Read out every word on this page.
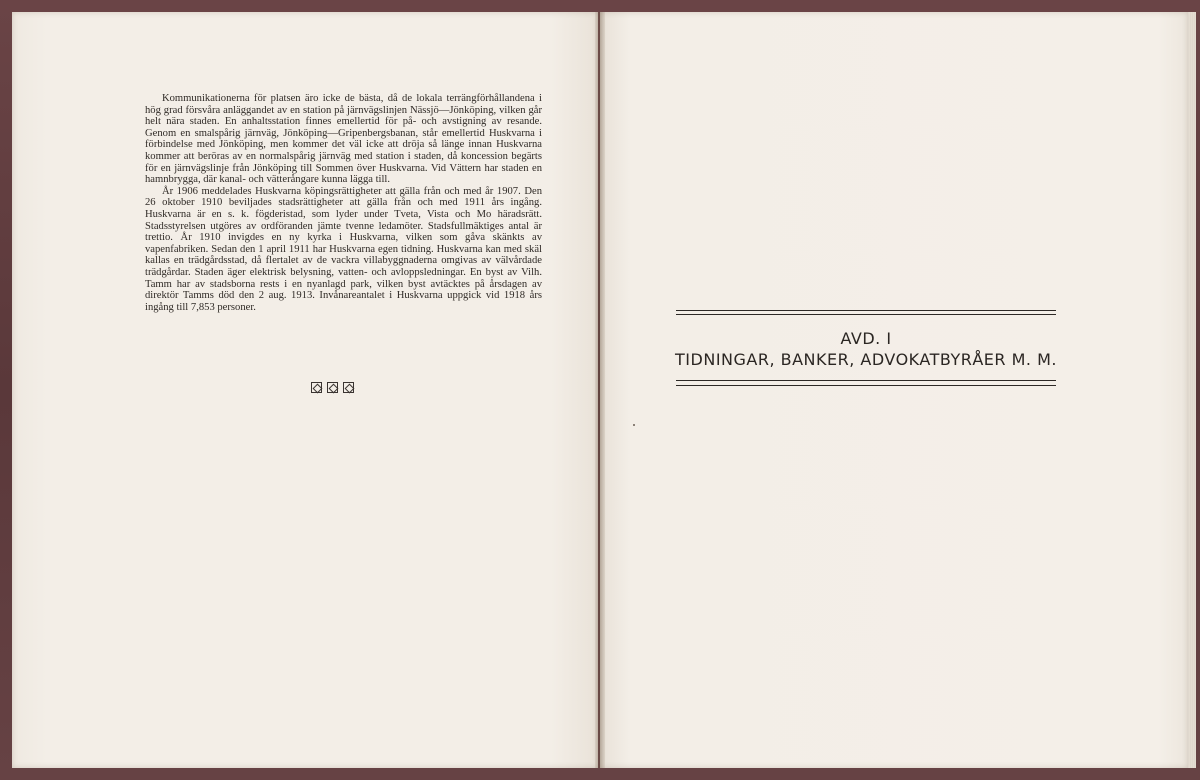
Kommunikationerna för platsen äro icke de bästa, då de lokala terrängförhållandena i hög grad försvåra anläggandet av en station på järnvägslinjen Nässjö—Jönköping, vilken går helt nära staden. En anhaltsstation finnes emellertid för på- och avstigning av resande. Genom en smalspårig järnväg, Jönköping—Gripenbergsbanan, står emellertid Huskvarna i förbindelse med Jönköping, men kommer det väl icke att dröja så länge innan Huskvarna kommer att beröras av en normalspårig järnväg med station i staden, då koncession begärts för en järnvägslinje från Jönköping till Sommen över Huskvarna. Vid Vättern har staden en hamnbrygga, där kanal- och vätterångare kunna lägga till.

År 1906 meddelades Huskvarna köpingsrättigheter att gälla från och med år 1907. Den 26 oktober 1910 beviljades stadsrättigheter att gälla från och med 1911 års ingång. Huskvarna är en s. k. fögderistad, som lyder under Tveta, Vista och Mo häradsrätt. Stadsstyrelsen utgöres av ordföranden jämte tvenne ledamöter. Stadsfullmäktiges antal är trettio. År 1910 invigdes en ny kyrka i Huskvarna, vilken som gåva skänkts av vapenfabriken. Sedan den 1 april 1911 har Huskvarna egen tidning. Huskvarna kan med skäl kallas en trädgårdsstad, då flertalet av de vackra villabyggnaderna omgivas av välvårdade trädgårdar. Staden äger elektrisk belysning, vatten- och avloppsledningar. En byst av Vilh. Tamm har av stadsborna rests i en nyanlagd park, vilken byst avtäcktes på årsdagen av direktör Tamms död den 2 aug. 1913. Invånareantalet i Huskvarna uppgick vid 1918 års ingång till 7,853 personer.

AVD. I
TIDNINGAR, BANKER, ADVOKATBYRÅER M. M.
